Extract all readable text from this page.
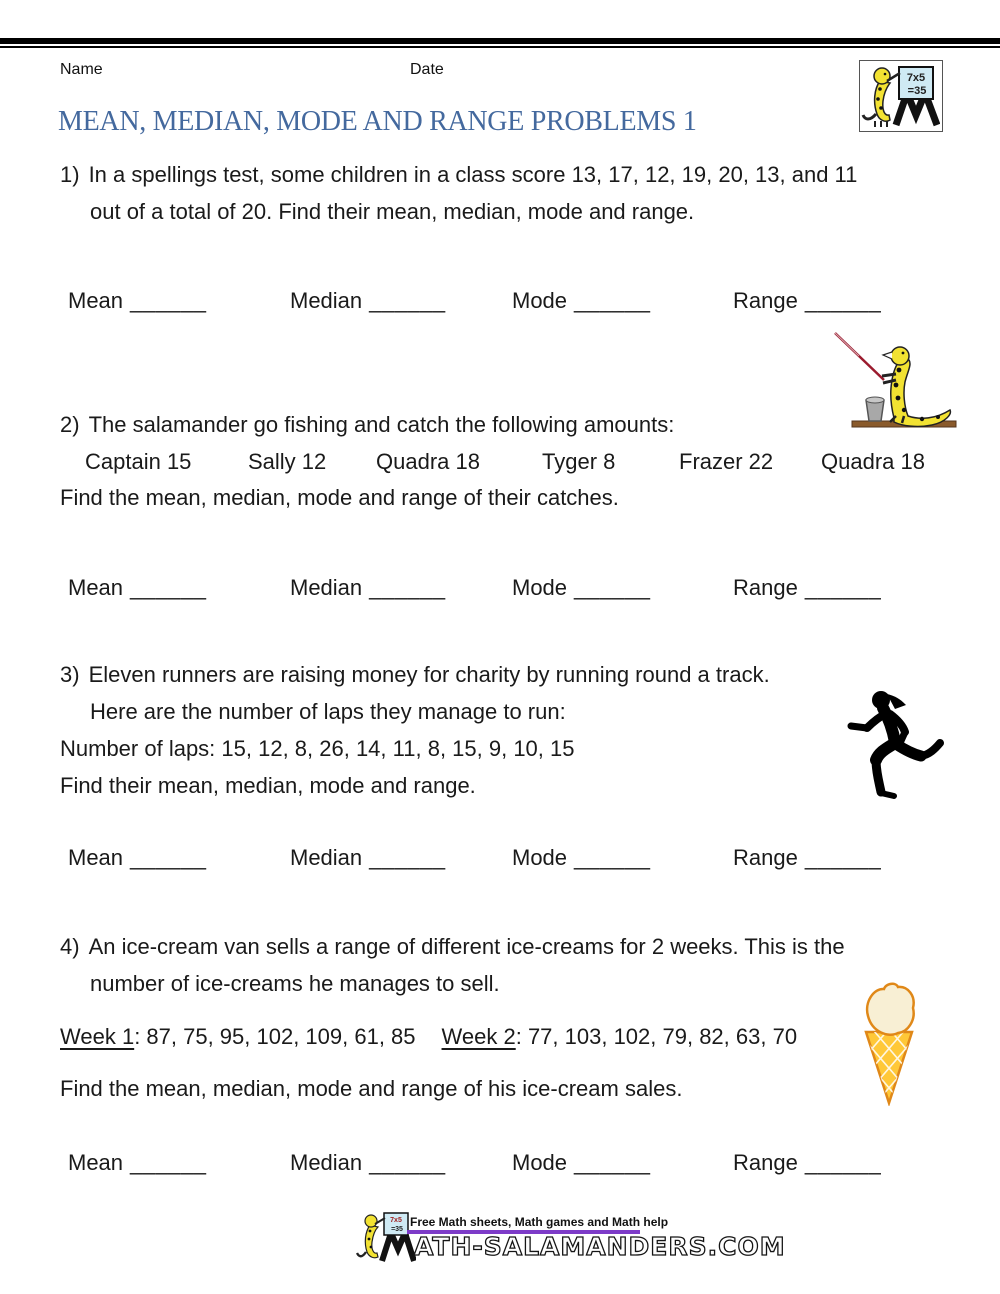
Name	Date	7x5
=35
MEAN, MEDIAN, MODE AND RANGE PROBLEMS 1
1) In a spellings test, some children in a class score 13, 17, 12, 19, 20, 13, and 11
out of a total of 20. Find their mean, median, mode and range.
Mean ______	Median ______	Mode ______	Range ______
2) The salamander go fishing and catch the following amounts:
Captain 15	Sally 12 Quadra 18	Tyger 8	Frazer 22 Quadra 18
Find the mean, median, mode and range of their catches.
Mean ______	Median ______	Mode ______	Range ______
3) Eleven runners are raising money for charity by running round a track.
Here are the number of laps they manage to run:
Number of laps: 15, 12, 8, 26, 14, 11, 8, 15, 9, 10, 15
Find their mean, median, mode and range.
Mean ______	Median ______	Mode ______	Range ______
4) An ice-cream van sells a range of different ice-creams for 2 weeks. This is the
number of ice-creams he manages to sell.
Week 1: 87, 75, 95, 102, 109, 61, 85 Week 2: 77, 103, 102, 79, 82, 63, 70
Find the mean, median, mode and range of his ice-cream sales.
Mean ______	Median ______	Mode ______	Range ______
7x5
=35
Free Math sheets, Math games and Math help
ATH-SALAMANDERS.COM
